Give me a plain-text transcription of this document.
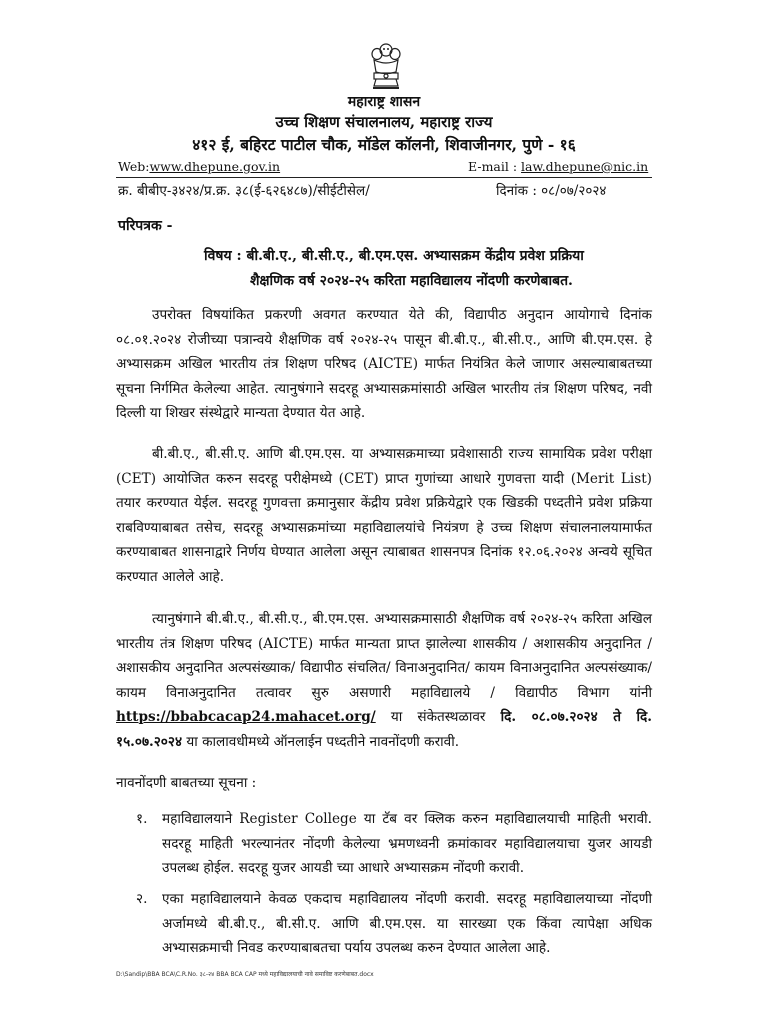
महाराष्ट्र शासन
उच्च शिक्षण संचालनालय, महाराष्ट्र राज्य
४१२ ई, बहिरट पाटील चौक, मॉडेल कॉलनी, शिवाजीनगर, पुणे - १६
Web:www.dhepune.gov.in	E-mail : law.dhepune@nic.in
क्र. बीबीए-३४२४/प्र.क्र. ३८(ई-६२६४८७)/सीईटीसेल/	दिनांक : ०८/०७/२०२४
परिपत्रक -
विषय : बी.बी.ए., बी.सी.ए., बी.एम.एस. अभ्यासक्रम केंद्रीय प्रवेश प्रक्रिया
शैक्षणिक वर्ष २०२४-२५ करिता महाविद्यालय नोंदणी करणेबाबत.
उपरोक्त विषयांकित प्रकरणी अवगत करण्यात येते की, विद्यापीठ अनुदान आयोगाचे दिनांक ०८.०१.२०२४ रोजीच्या पत्रान्वये शैक्षणिक वर्ष २०२४-२५ पासून बी.बी.ए., बी.सी.ए., आणि बी.एम.एस. हे अभ्यासक्रम अखिल भारतीय तंत्र शिक्षण परिषद (AICTE) मार्फत नियंत्रित केले जाणार असल्याबाबतच्या सूचना निर्गमित केलेल्या आहेत. त्यानुषंगाने सदरहू अभ्यासक्रमांसाठी अखिल भारतीय तंत्र शिक्षण परिषद, नवी दिल्ली या शिखर संस्थेद्वारे मान्यता देण्यात येत आहे.
बी.बी.ए., बी.सी.ए. आणि बी.एम.एस. या अभ्यासक्रमाच्या प्रवेशासाठी राज्य सामायिक प्रवेश परीक्षा (CET) आयोजित करुन सदरहू परीक्षेमध्ये (CET) प्राप्त गुणांच्या आधारे गुणवत्ता यादी (Merit List) तयार करण्यात येईल. सदरहू गुणवत्ता क्रमानुसार केंद्रीय प्रवेश प्रक्रियेद्वारे एक खिडकी पध्दतीने प्रवेश प्रक्रिया राबविण्याबाबत तसेच, सदरहू अभ्यासक्रमांच्या महाविद्यालयांचे नियंत्रण हे उच्च शिक्षण संचालनालयामार्फत करण्याबाबत शासनाद्वारे निर्णय घेण्यात आलेला असून त्याबाबत शासनपत्र दिनांक १२.०६.२०२४ अन्वये सूचित करण्यात आलेले आहे.
त्यानुषंगाने बी.बी.ए., बी.सी.ए., बी.एम.एस. अभ्यासक्रमासाठी शैक्षणिक वर्ष २०२४-२५ करिता अखिल भारतीय तंत्र शिक्षण परिषद (AICTE) मार्फत मान्यता प्राप्त झालेल्या शासकीय / अशासकीय अनुदानित / अशासकीय अनुदानित अल्पसंख्याक/ विद्यापीठ संचलित/ विनाअनुदानित/ कायम विनाअनुदानित अल्पसंख्याक/ कायम विनाअनुदानित तत्वावर सुरु असणारी महाविद्यालये / विद्यापीठ विभाग यांनी https://bbabcacap24.mahacet.org/ या संकेतस्थळावर दि. ०८.०७.२०२४ ते दि. १५.०७.२०२४ या कालावधीमध्ये ऑनलाईन पध्दतीने नावनोंदणी करावी.
नावनोंदणी बाबतच्या सूचना :
१. महाविद्यालयाने Register College या टॅब वर क्लिक करुन महाविद्यालयाची माहिती भरावी. सदरहू माहिती भरल्यानंतर नोंदणी केलेल्या भ्रमणध्वनी क्रमांकावर महाविद्यालयाचा युजर आयडी उपलब्ध होईल. सदरहू युजर आयडी च्या आधारे अभ्यासक्रम नोंदणी करावी.
२. एका महाविद्यालयाने केवळ एकदाच महाविद्यालय नोंदणी करावी. सदरहू महाविद्यालयाच्या नोंदणी अर्जामध्ये बी.बी.ए., बी.सी.ए. आणि बी.एम.एस. या सारख्या एक किंवा त्यापेक्षा अधिक अभ्यासक्रमाची निवड करण्याबाबतचा पर्याय उपलब्ध करुन देण्यात आलेला आहे.
D:\Sandip\BBA BCA\C.R.No. ३८-२४ BBA BCA CAP मध्ये महाविद्यालयाची नावे समाविष्ट करणेबाबत.docx
